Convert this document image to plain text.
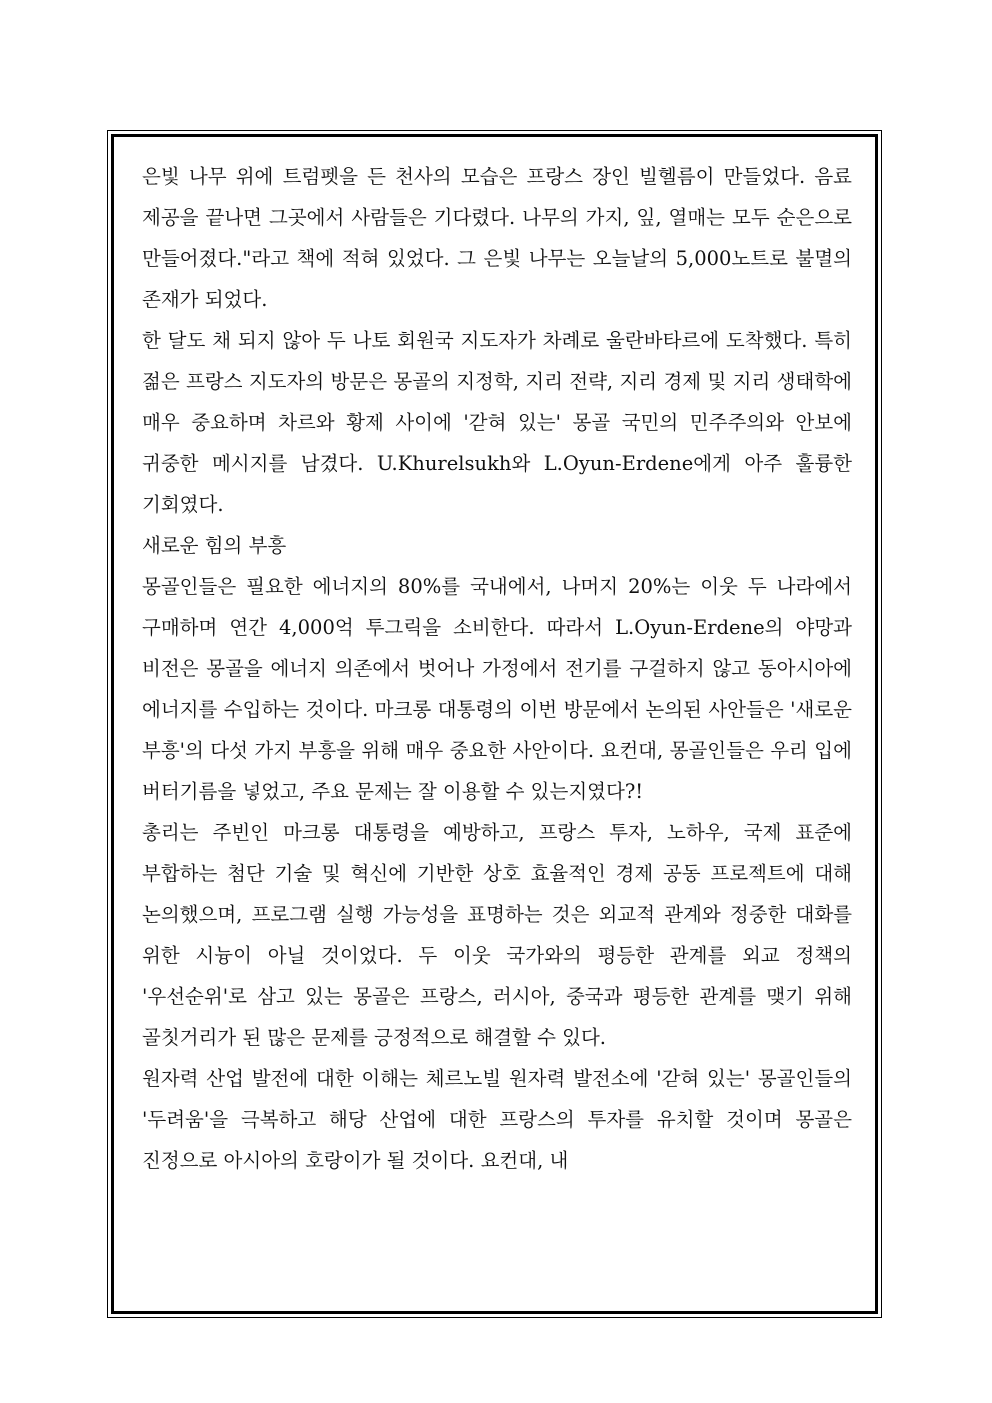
은빛 나무 위에 트럼펫을 든 천사의 모습은 프랑스 장인 빌헬름이 만들었다. 음료 제공을 끝나면 그곳에서 사람들은 기다렸다. 나무의 가지, 잎, 열매는 모두 순은으로 만들어졌다."라고 책에 적혀 있었다. 그 은빛 나무는 오늘날의 5,000노트로 불멸의 존재가 되었다.

한 달도 채 되지 않아 두 나토 회원국 지도자가 차례로 울란바타르에 도착했다. 특히 젊은 프랑스 지도자의 방문은 몽골의 지정학, 지리 전략, 지리 경제 및 지리 생태학에 매우 중요하며 차르와 황제 사이에 '갇혀 있는' 몽골 국민의 민주주의와 안보에 귀중한 메시지를 남겼다. U.Khurelsukh와 L.Oyun-Erdene에게 아주 훌륭한 기회였다.

새로운 힘의 부흥

몽골인들은 필요한 에너지의 80%를 국내에서, 나머지 20%는 이웃 두 나라에서 구매하며 연간 4,000억 투그릭을 소비한다. 따라서 L.Oyun-Erdene의 야망과 비전은 몽골을 에너지 의존에서 벗어나 가정에서 전기를 구걸하지 않고 동아시아에 에너지를 수입하는 것이다. 마크롱 대통령의 이번 방문에서 논의된 사안들은 '새로운 부흥'의 다섯 가지 부흥을 위해 매우 중요한 사안이다. 요컨대, 몽골인들은 우리 입에 버터기름을 넣었고, 주요 문제는 잘 이용할 수 있는지였다?!

총리는 주빈인 마크롱 대통령을 예방하고, 프랑스 투자, 노하우, 국제 표준에 부합하는 첨단 기술 및 혁신에 기반한 상호 효율적인 경제 공동 프로젝트에 대해 논의했으며, 프로그램 실행 가능성을 표명하는 것은 외교적 관계와 정중한 대화를 위한 시늉이 아닐 것이었다. 두 이웃 국가와의 평등한 관계를 외교 정책의 '우선순위'로 삼고 있는 몽골은 프랑스, 러시아, 중국과 평등한 관계를 맺기 위해 골칫거리가 된 많은 문제를 긍정적으로 해결할 수 있다.

원자력 산업 발전에 대한 이해는 체르노빌 원자력 발전소에 '갇혀 있는' 몽골인들의 '두려움'을 극복하고 해당 산업에 대한 프랑스의 투자를 유치할 것이며 몽골은 진정으로 아시아의 호랑이가 될 것이다. 요컨대, 내
